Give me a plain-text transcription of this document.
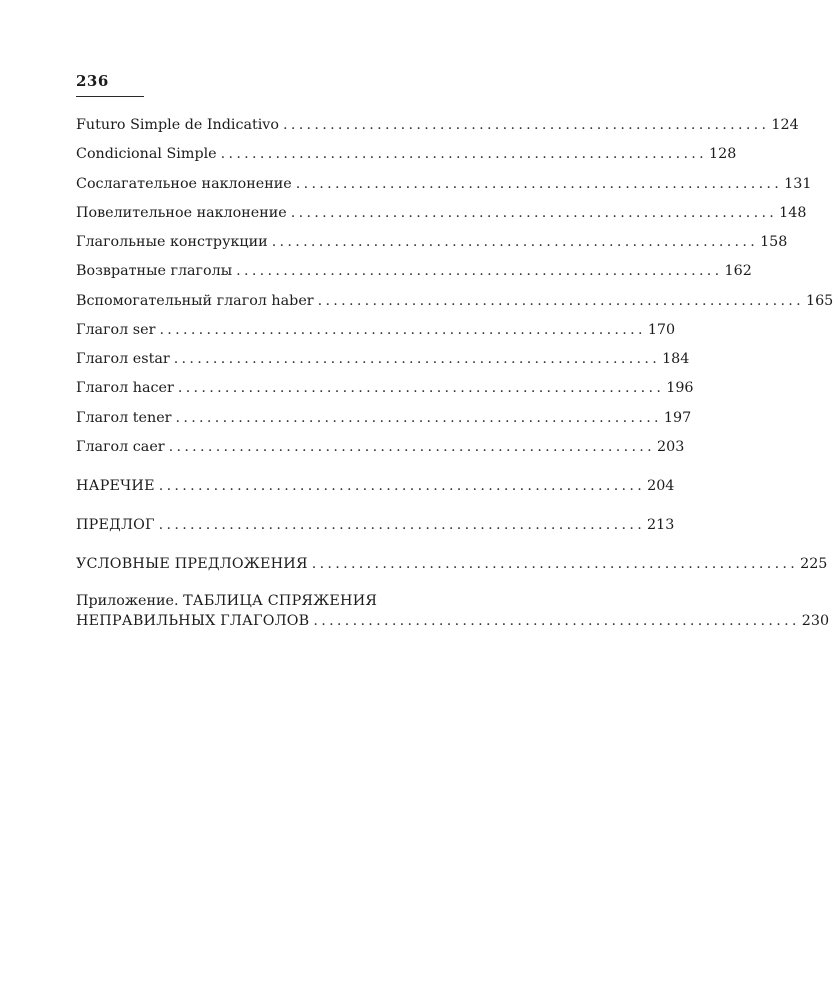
236
Futuro Simple de Indicativo .............................................................. 124
Condicional Simple .............................................................. 128
Сослагательное наклонение .............................................................. 131
Повелительное наклонение .............................................................. 148
Глагольные конструкции .............................................................. 158
Возвратные глаголы .............................................................. 162
Вспомогательный глагол haber .............................................................. 165
Глагол ser .............................................................. 170
Глагол estar .............................................................. 184
Глагол hacer .............................................................. 196
Глагол tener .............................................................. 197
Глагол caer .............................................................. 203
НАРЕЧИЕ .............................................................. 204
ПРЕДЛОГ .............................................................. 213
УСЛОВНЫЕ ПРЕДЛОЖЕНИЯ .............................................................. 225
Приложение. ТАБЛИЦА СПРЯЖЕНИЯ
НЕПРАВИЛЬНЫХ ГЛАГОЛОВ .............................................................. 230
